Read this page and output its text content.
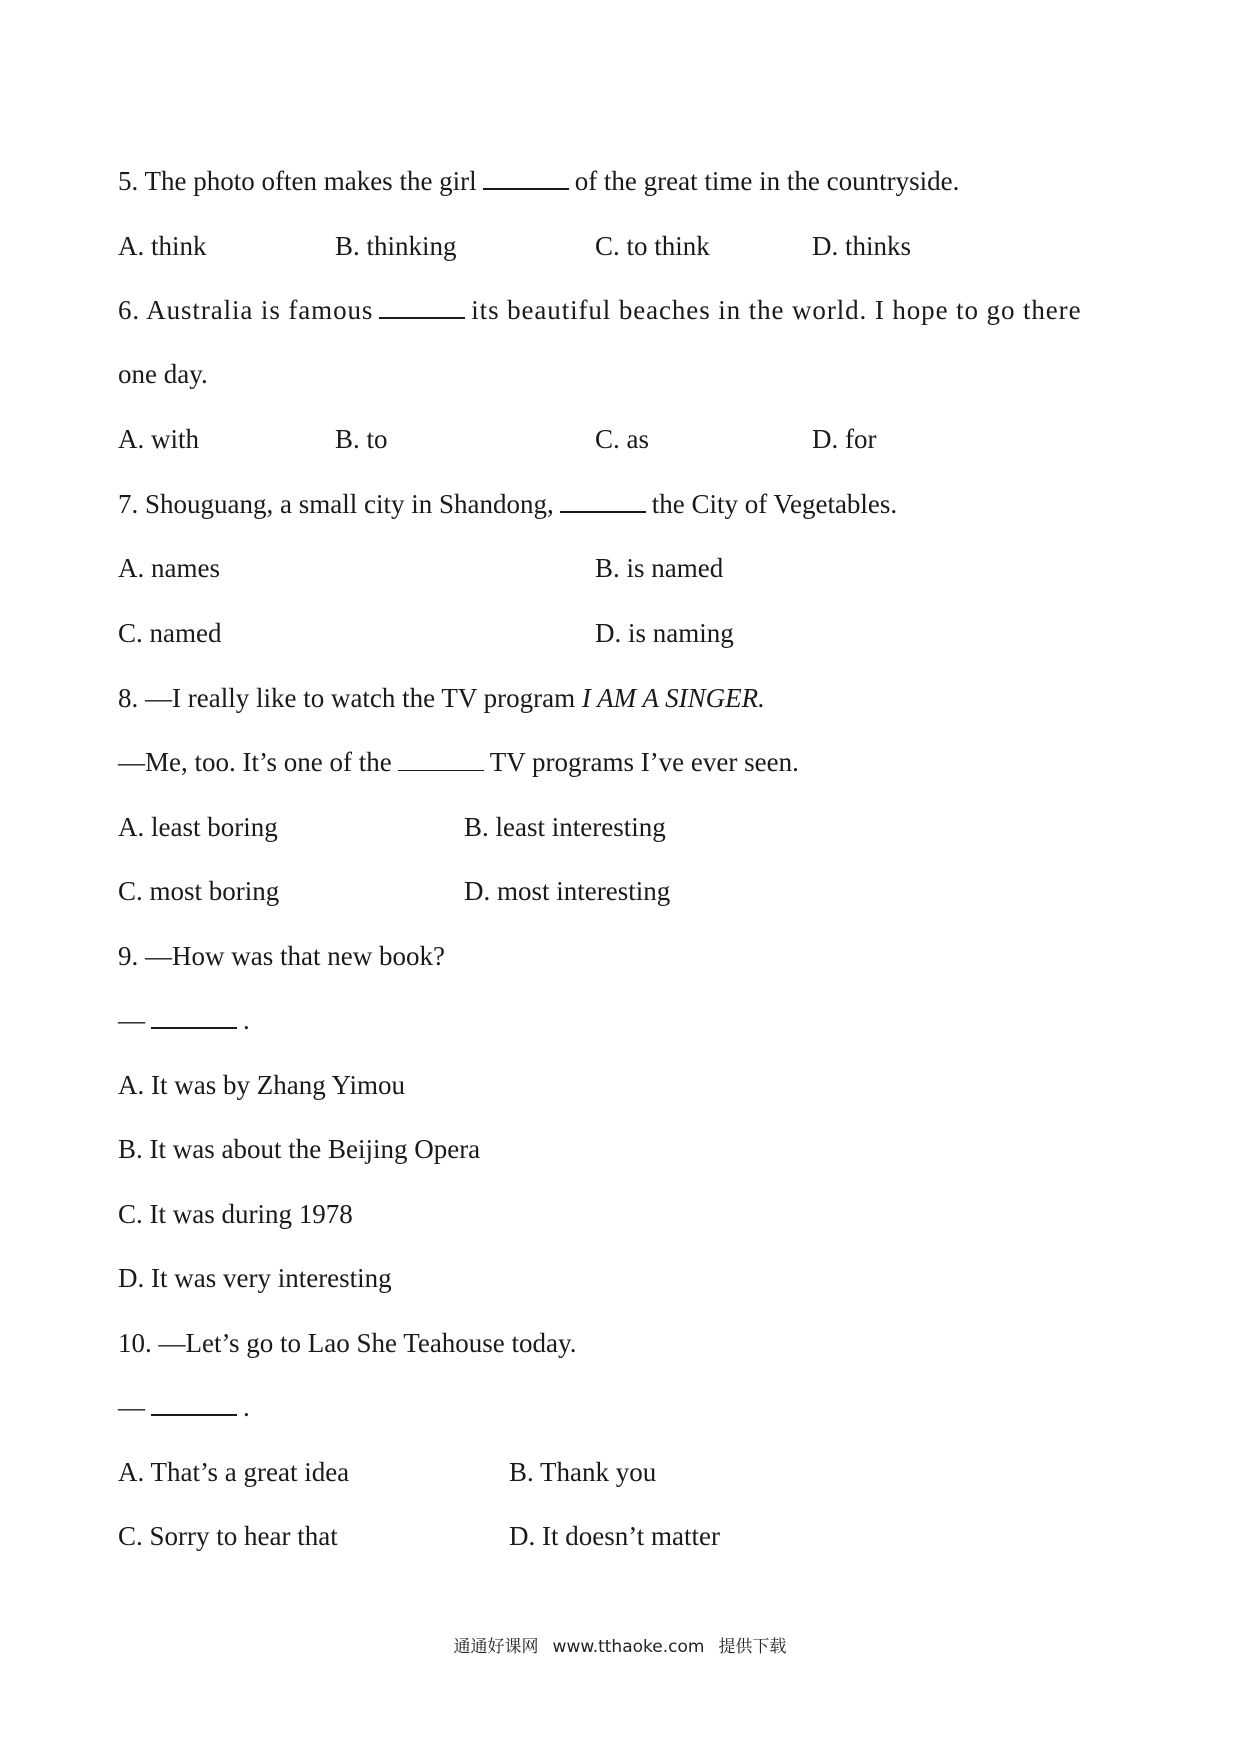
5. The photo often makes the girl	of the great time in the countryside.
A. think	B. thinking	C. to think	D. thinks
6. Australia is famous	its beautiful beaches in the world. I hope to go there
one day.
A. with	B. to	C. as	D. for
7. Shouguang, a small city in Shandong,	the City of Vegetables.
A. names	B. is named
C. named	D. is naming
8. —I really like to watch the TV program I AM A SINGER.
—Me, too. It’s one of the	TV programs I’ve ever seen.
A. least boring	B. least interesting
C. most boring	D. most interesting
9. —How was that new book?
—	.
A. It was by Zhang Yimou
B. It was about the Beijing Opera
C. It was during 1978
D. It was very interesting
10. —Let’s go to Lao She Teahouse today.
—	.
A. That’s a great idea	B. Thank you
C. Sorry to hear that	D. It doesn’t matter
通通好课网 www.tthaoke.com 提供下载
